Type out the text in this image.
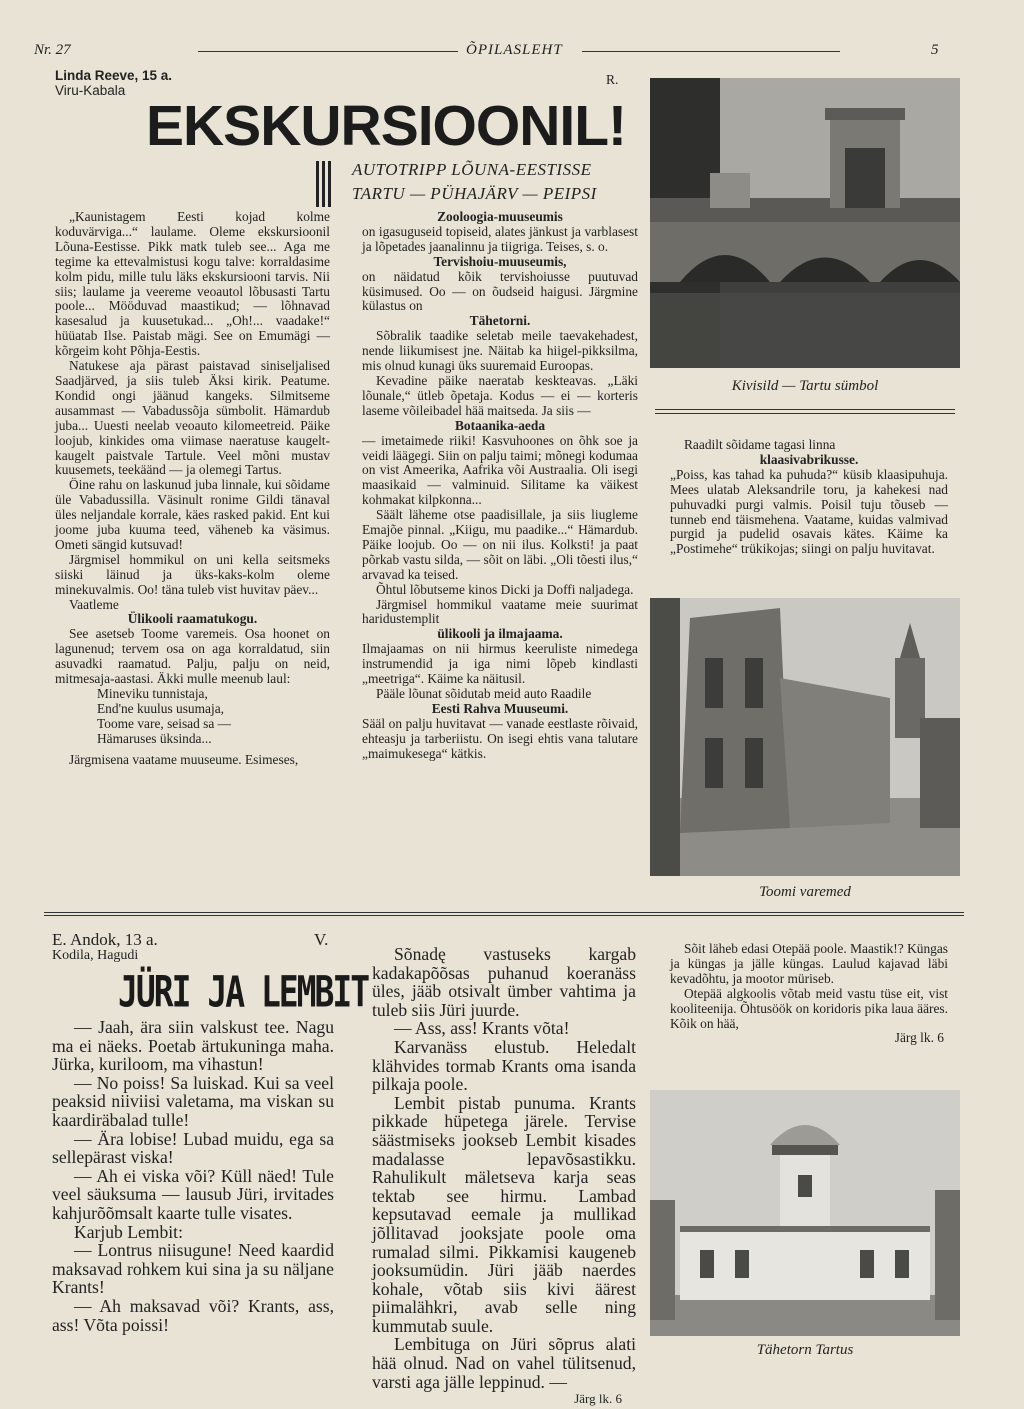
Nr. 27	ÕPILASLEHT	5
Linda Reeve, 15 a.
Viru-Kabala
R.
EKSKURSIOONIL!
AUTOTRIPP LÕUNA-EESTISSE
TARTU — PÜHAJÄRV — PEIPSI

„Kaunistagem Eesti kojad kolme koduvärviga...“ laulame. Oleme ekskursioonil Lõuna-Eestisse. Pikk matk tuleb see... Aga me tegime ka ettevalmistusi kogu talve: korraldasime kolm pidu, mille tulu läks ekskursiooni tarvis. Nii siis; laulame ja veereme veoautol lõbusasti Tartu poole... Mööduvad maastikud; — lõhnavad kasesalud ja kuusetukad... „Oh!... vaadake!“ hüüatab Ilse. Paistab mägi. See on Emumägi — kõrgeim koht Põhja-Eestis.

Natukese aja pärast paistavad siniseljalised Saadjärved, ja siis tuleb Äksi kirik. Peatume. Kondid ongi jäänud kangeks. Silmitseme ausammast — Vabadussõja sümbolit. Hämardub juba... Uuesti neelab veoauto kilomeetreid. Päike loojub, kinkides oma viimase naeratuse kaugelt-kaugelt paistvale Tartule. Veel mõni mustav kuusemets, teekäänd — ja olemegi Tartus.

Öine rahu on laskunud juba linnale, kui sõidame üle Vabadussilla. Väsinult ronime Gildi tänaval üles neljandale korrale, käes rasked pakid. Ent kui joome juba kuuma teed, väheneb ka väsimus. Ometi sängid kutsuvad!

Järgmisel hommikul on uni kella seitsmeks siiski läinud ja üks-kaks-kolm oleme minekuvalmis. Oo! täna tuleb vist huvitav päev...

Vaatleme

Ülikooli raamatukogu.

See asetseb Toome varemeis. Osa hoonet on lagunenud; tervem osa on aga korraldatud, siin asuvadki raamatud. Palju, palju on neid, mitmesaja-aastasi. Äkki mulle meenub laul:

Mineviku tunnistaja,

End'ne kuulus usumaja,

Toome vare, seisad sa —

Hämaruses üksinda...

Järgmisena vaatame muuseume. Esimeses,

Zooloogia-muuseumis

on igasuguseid topiseid, alates jänkust ja varblasest ja lõpetades jaanalinnu ja tiigriga. Teises, s. o.

Tervishoiu-muuseumis,

on näidatud kõik tervishoiusse puutuvad küsimused. Oo — on õudseid haigusi. Järgmine külastus on

Tähetorni.

Sõbralik taadike seletab meile taevakehadest, nende liikumisest jne. Näitab ka hiigel-pikksilma, mis olnud kunagi üks suuremaid Euroopas.

Kevadine päike naeratab keskteavas. „Läki lõunale,“ ütleb õpetaja. Kodus — ei — korteris laseme võileibadel hää maitseda. Ja siis —

Botaanika-aeda

— imetaimede riiki! Kasvuhoones on õhk soe ja veidi läägegi. Siin on palju taimi; mõnegi kodumaa on vist Ameerika, Aafrika või Austraalia. Oli isegi maasikaid — valminuid. Silitame ka väikest kohmakat kilpkonna...

Säält läheme otse paadisillale, ja siis liugleme Emajõe pinnal. „Kiigu, mu paadike...“ Hämardub. Päike loojub. Oo — on nii ilus. Kolksti! ja paat põrkab vastu silda, — sõit on läbi. „Oli tõesti ilus,“ arvavad ka teised.

Õhtul lõbutseme kinos Dicki ja Doffi naljadega.

Järgmisel hommikul vaatame meie suurimat haridustemplit

ülikooli ja ilmajaama.

Ilmajaamas on nii hirmus keeruliste nimedega instrumendid ja iga nimi lõpeb kindlasti „meetriga“. Käime ka näitusil.

Pääle lõunat sõidutab meid auto Raadile

Eesti Rahva Muuseumi.

Sääl on palju huvitavat — vanade eestlaste rõivaid, ehteasju ja tarberiistu. On isegi ehtis vana talutare „maimukesega“ kätkis.

Kivisild — Tartu sümbol

Raadilt sõidame tagasi linna

klaasivabrikusse.

„Poiss, kas tahad ka puhuda?“ küsib klaasipuhuja. Mees ulatab Aleksandrile toru, ja kahekesi nad puhuvadki purgi valmis. Poisil tuju tõuseb — tunneb end täismehena. Vaatame, kuidas valmivad purgid ja pudelid osavais kätes. Käime ka „Postimehe“ trükikojas; siingi on palju huvitavat.

Toomi varemed
E. Andok, 13 a.
Kodila, Hagudi
V.
JÜRI JA LEMBIT

— Jaah, ära siin valskust tee. Nagu ma ei näeks. Poetab ärtukuninga maha. Jürka, kuriloom, ma vihastun!

— No poiss! Sa luiskad. Kui sa veel peaksid niiviisi valetama, ma viskan su kaardiräbalad tulle!

— Ära lobise! Lubad muidu, ega sa sellepärast viska!

— Ah ei viska või? Küll näed! Tule veel säuksuma — lausub Jüri, irvitades kahjurõõmsalt kaarte tulle visates.

Karjub Lembit:

— Lontrus niisugune! Need kaardid maksavad rohkem kui sina ja su näljane Krants!

— Ah maksavad või? Krants, ass, ass! Võta poissi!

Sõnadę vastuseks kargab kadakapõõsas puhanud koeranäss üles, jääb otsivalt ümber vahtima ja tuleb siis Jüri juurde.

— Ass, ass! Krants võta!

Karvanäss elustub. Heledalt klähvides tormab Krants oma isanda pilkaja poole.

Lembit pistab punuma. Krants pikkade hüpetega järele. Tervise säästmiseks jookseb Lembit kisades madalasse lepavõsastikku. Rahulikult mäletseva karja seas tektab see hirmu. Lambad kepsutavad eemale ja mullikad jõllitavad jooksjate poole oma rumalad silmi. Pikkamisi kaugeneb jooksumüdin. Jüri jääb naerdes kohale, võtab siis kivi äärest piimalähkri, avab selle ning kummutab suule.

Lembituga on Jüri sõprus alati hää olnud. Nad on vahel tülitsenud, varsti aga jälle leppinud. —

Järg lk. 6

Sõit läheb edasi Otepää poole. Maastik!? Küngas ja küngas ja jälle küngas. Laulud kajavad läbi kevadõhtu, ja mootor müriseb.

Otepää algkoolis võtab meid vastu tüse eit, vist kooliteenija. Õhtusöök on koridoris pika laua ääres. Kõik on hää,

Järg lk. 6

Tähetorn Tartus
